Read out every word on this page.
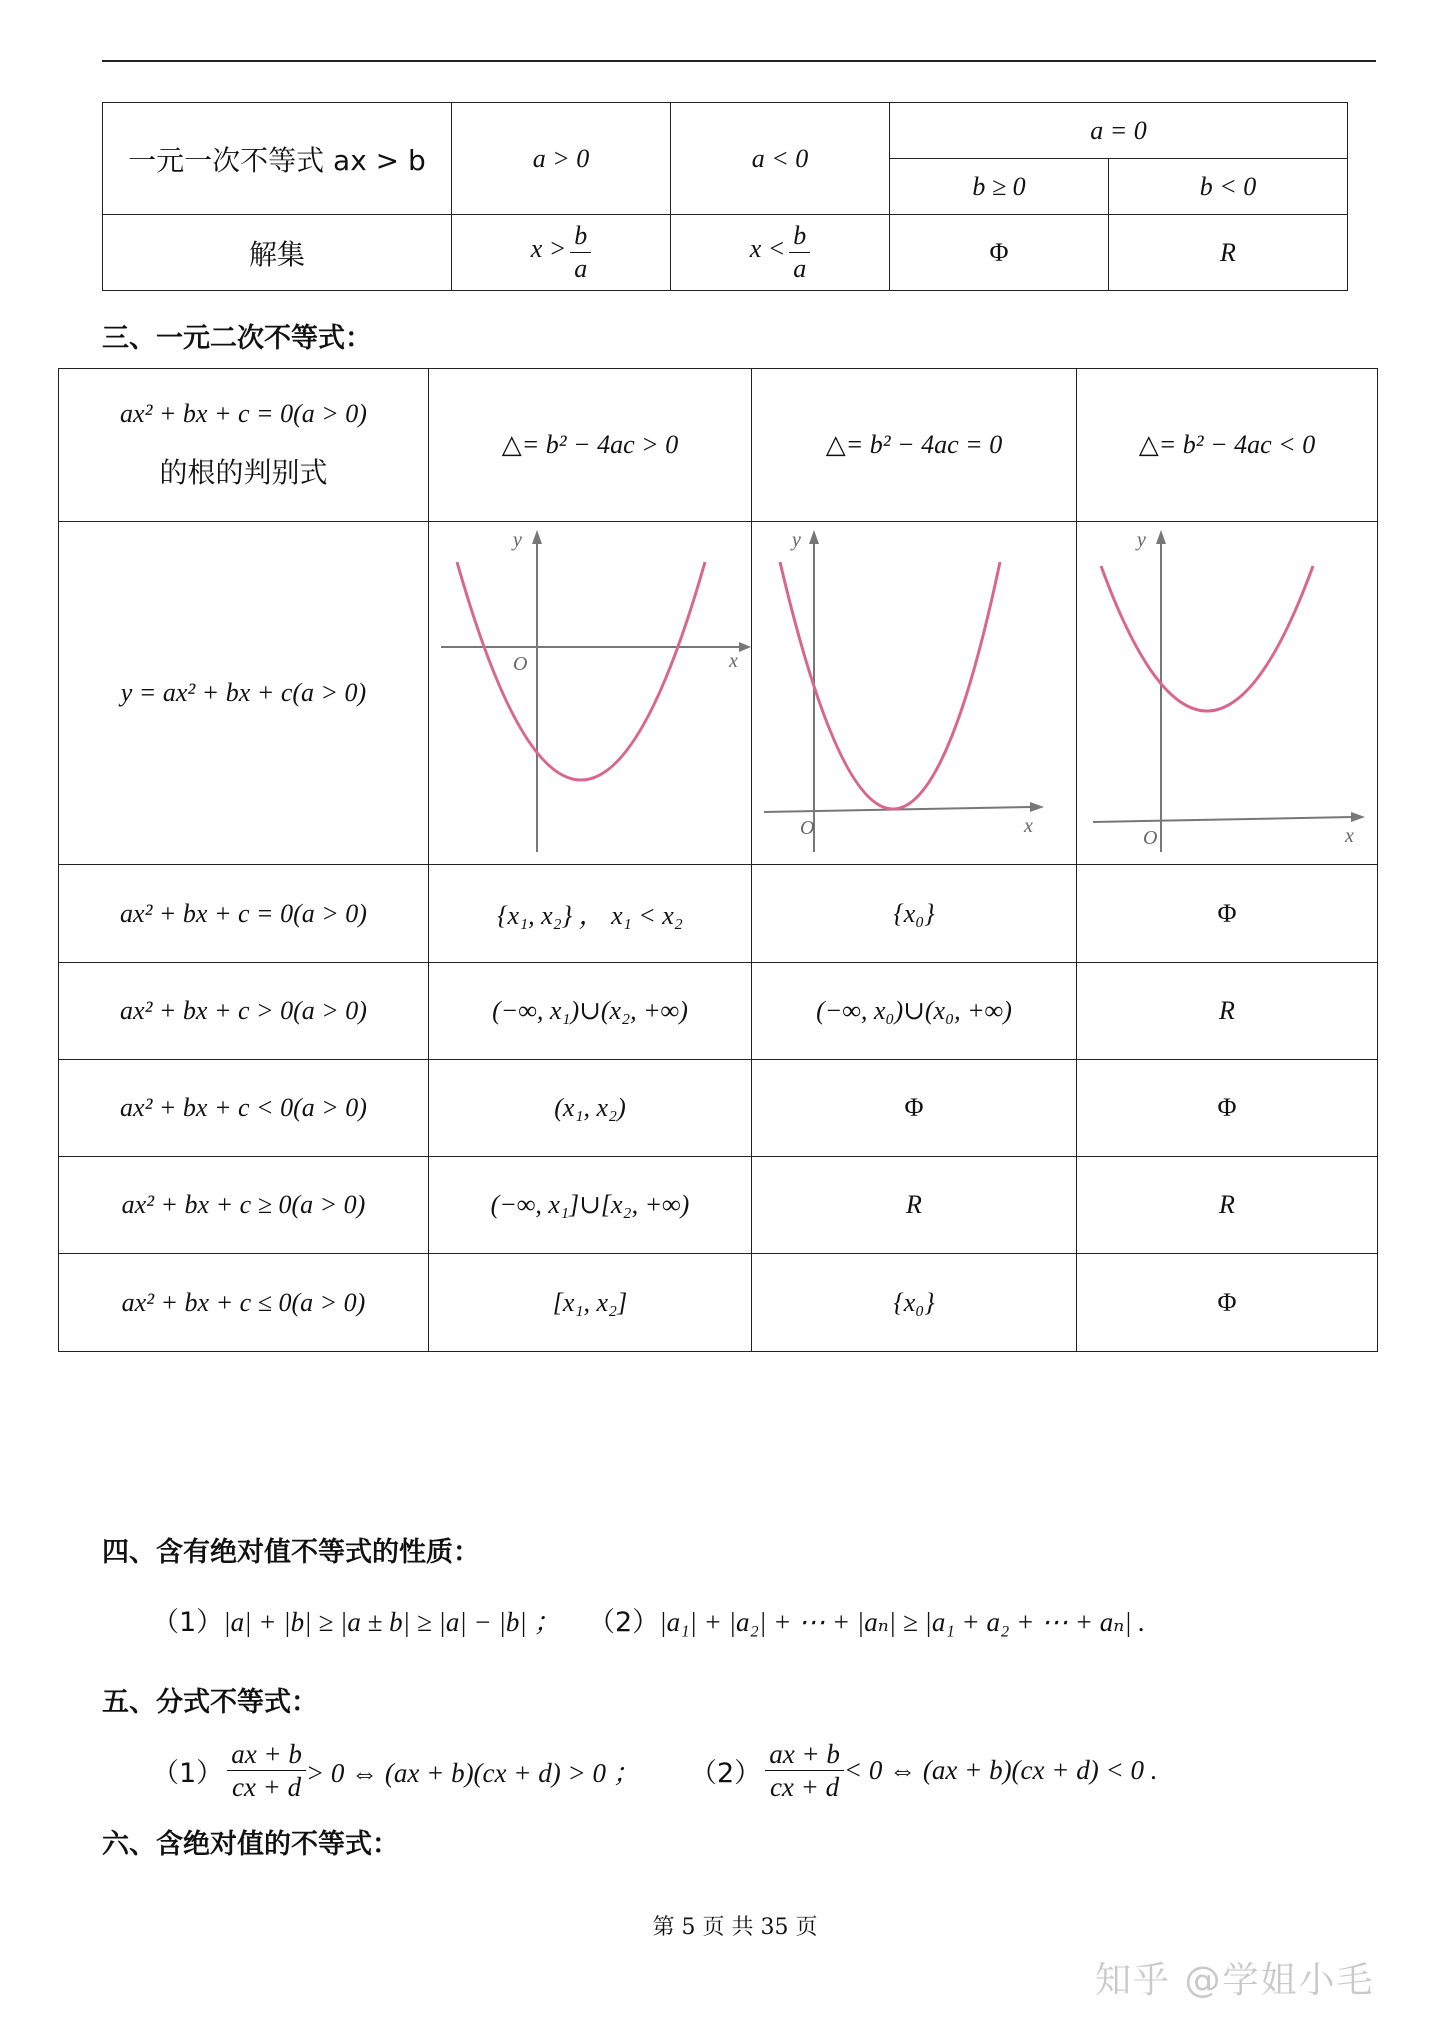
一元一次不等式 ax > b	a > 0	a < 0	a = 0	
			b ≥ 0	b < 0
解集	$x > \frac{b}{a}$	$x < \frac{b}{a}$	Φ	R
三、一元二次不等式：
ax² + bx + c = 0(a > 0)
的根的判别式	△= b² − 4ac > 0	△= b² − 4ac = 0	△= b² − 4ac < 0
y = ax² + bx + c(a > 0)	y
x
O	y
x
O	y
x
O

ax² + bx + c = 0(a > 0)	{x₁, x₂} ， x₁ < x₂	{x₀}	Φ
ax² + bx + c > 0(a > 0)	(−∞, x₁)∪(x₂, +∞)	(−∞, x₀)∪(x₀, +∞)	R
ax² + bx + c < 0(a > 0)	(x₁, x₂)	Φ	Φ
ax² + bx + c ≥ 0(a > 0)	(−∞, x₁]∪[x₂, +∞)	R	R
ax² + bx + c ≤ 0(a > 0)	[x₁, x₂]	{x₀}	Φ
四、含有绝对值不等式的性质：
（1）|a| + |b| ≥ |a ± b| ≥ |a| − |b| ； （2）|a₁| + |a₂| + ⋯ + |aₙ| ≥ |a₁ + a₂ + ⋯ + aₙ| .
五、分式不等式：
$(1) \frac{ax + b}{cx + d} > 0$ ⇔ (ax + b)(cx + d) > 0 ； $(2) \frac{ax + b}{cx + d} < 0$ ⇔ (ax + b)(cx + d) < 0 .
六、含绝对值的不等式：
第 5 页 共 35 页
知乎 @学姐小毛
